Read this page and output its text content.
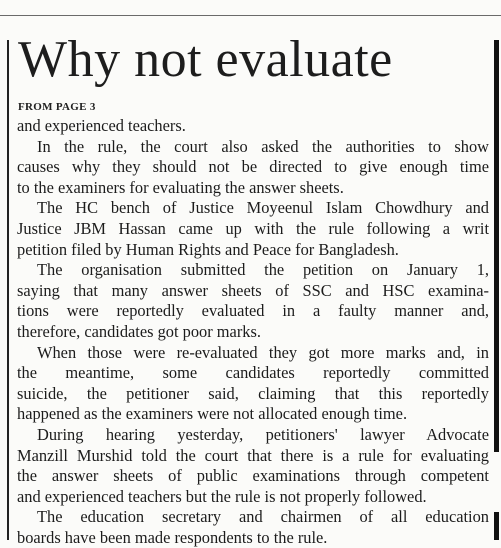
Why not evaluate
FROM PAGE 3
and experienced teachers.
In the rule, the court also asked the authorities to show
causes why they should not be directed to give enough time
to the examiners for evaluating the answer sheets.
The HC bench of Justice Moyeenul Islam Chowdhury and
Justice JBM Hassan came up with the rule following a writ
petition filed by Human Rights and Peace for Bangladesh.
The organisation submitted the petition on January 1,
saying that many answer sheets of SSC and HSC examina-
tions were reportedly evaluated in a faulty manner and,
therefore, candidates got poor marks.
When those were re-evaluated they got more marks and, in
the meantime, some candidates reportedly committed
suicide, the petitioner said, claiming that this reportedly
happened as the examiners were not allocated enough time.
During hearing yesterday, petitioners' lawyer Advocate
Manzill Murshid told the court that there is a rule for evaluating
the answer sheets of public examinations through competent
and experienced teachers but the rule is not properly followed.
The education secretary and chairmen of all education
boards have been made respondents to the rule.
